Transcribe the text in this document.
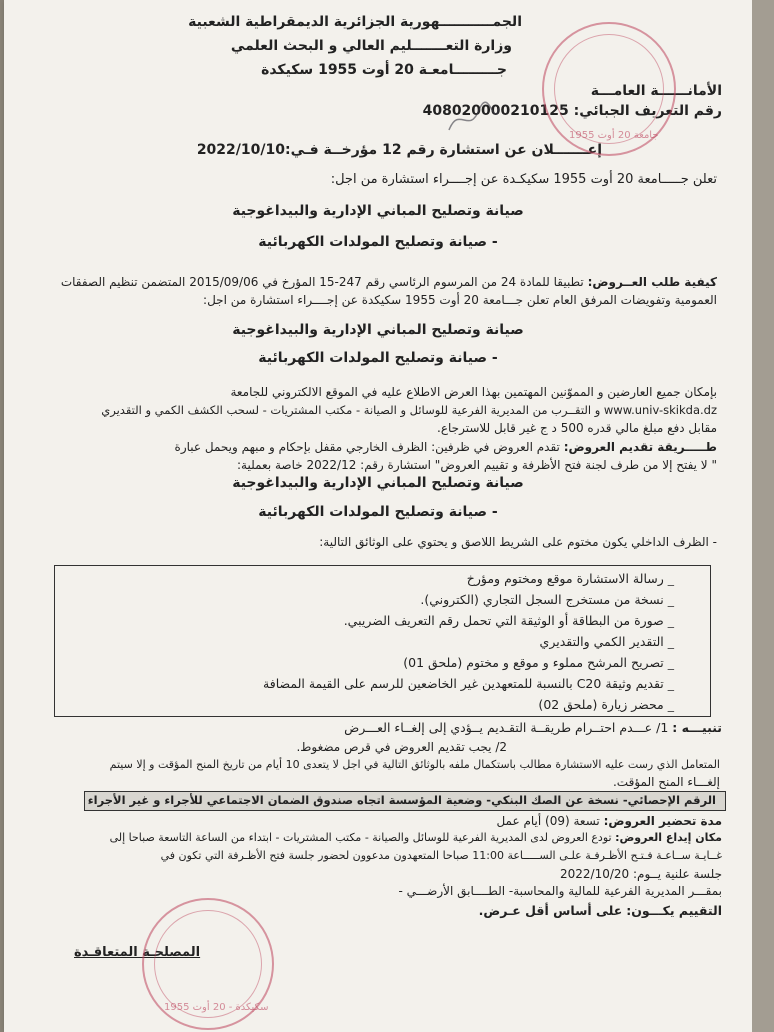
الجمـــــــــــهورية الجزائرية الديمقراطية الشعبية
وزارة التعـــــــليم العالي و البحث العلمي
جـــــــــامعـة 20 أوت 1955 سكيكدة
الأمانــــــة العامـــة
رقم التعريف الجبائي: 408020000210125
إعـــــــلان عن استشارة رقم 12 مؤرخــة فـي:2022/10/10
تعلن جـــــامعة 20 أوت 1955 سكيكـدة عن إجــــراء استشارة من اجل:
صيانة وتصليح المباني الإدارية والبيداغوجية
- صيانة وتصليح المولدات الكهربائية
كيفية طلب العــروض: تطبيقا للمادة 24 من المرسوم الرئاسي رقم 247-15 المؤرخ في 2015/09/06 المتضمن تنظيم الصفقات
العمومية وتفويضات المرفق العام تعلن جـــامعة 20 أوت 1955 سكيكدة عن إجــــراء استشارة من اجل:
صيانة وتصليح المباني الإدارية والبيداغوجية
- صيانة وتصليح المولدات الكهربائية
بإمكان جميع العارضين و المموّنين المهتمين بهذا العرض الاطلاع عليه في الموقع الالكتروني للجامعة
www.univ-skikda.dz و التقــرب من المديرية الفرعية للوسائل و الصيانة - مكتب المشتريات - لسحب الكشف الكمي و التقديري
مقابل دفع مبلغ مالي قدره 500 د ج غير قابل للاسترجاع.
طـــــريقة تقديم العروض: تقدم العروض في ظرفين: الظرف الخارجي مقفل بإحكام و مبهم ويحمل عبارة
" لا يفتح إلا من طرف لجنة فتح الأظرفة و تقييم العروض" استشارة رقم: 2022/12 خاصة بعملية:
صيانة وتصليح المباني الإدارية والبيداغوجية
- صيانة وتصليح المولدات الكهربائية
- الظرف الداخلي يكون مختوم على الشريط اللاصق و يحتوي على الوثائق التالية:
_ رسالة الاستشارة موقع ومختوم ومؤرخ
_ نسخة من مستخرج السجل التجاري (الكتروني).
_ صورة من البطاقة أو الوثيقة التي تحمل رقم التعريف الضريبي.
_ التقدير الكمي والتقديري
_ تصريح المرشح مملوء و موقع و مختوم (ملحق 01)
_ تقديم وثيقة C20 بالنسبة للمتعهدين غير الخاضعين للرسم على القيمة المضافة
_ محضر زيارة (ملحق 02)
تنبيـــه : 1/ عـــدم احتــرام طريقــة التقـديم يــؤدي إلى إلغــاء العـــرض
2/ يجب تقديم العروض في قرص مضغوط.
المتعامل الذي رست عليه الاستشارة مطالب باستكمال ملفه بالوثائق التالية في اجل لا يتعدى 10 أيام من تاريخ المنح المؤقت و إلا سيتم
إلغـــاء المنح المؤقت.
الرقم الإحصائي- نسخة عن الصك البنكي- وضعية المؤسسة اتجاه صندوق الضمان الاجتماعي للأجراء و غير الأجراء
مدة تحضير العروض: تسعة (09) أيام عمل
مكان إيداع العروض: تودع العروض لدى المديرية الفرعية للوسائل والصيانة - مكتب المشتريات - ابتداء من الساعة التاسعة صباحا إلى
غــايـة ســاعـة فـتـح الأظـرفـة علـى الســـــاعة 11:00 صباحا المتعهدون مدعوون لحضور جلسة فتح الأظـرفة التي تكون في
جلسة علنية يــوم: 2022/10/20
بمقـــر المديرية الفرعية للمالية والمحاسبة- الطــــابق الأرضـــي -
التقييم يكـــون: على أساس أقل عـرض.
المصلحـة المتعاقـدة
جامعة 20 أوت 1955
سكيكدة - 20 أوت 1955
